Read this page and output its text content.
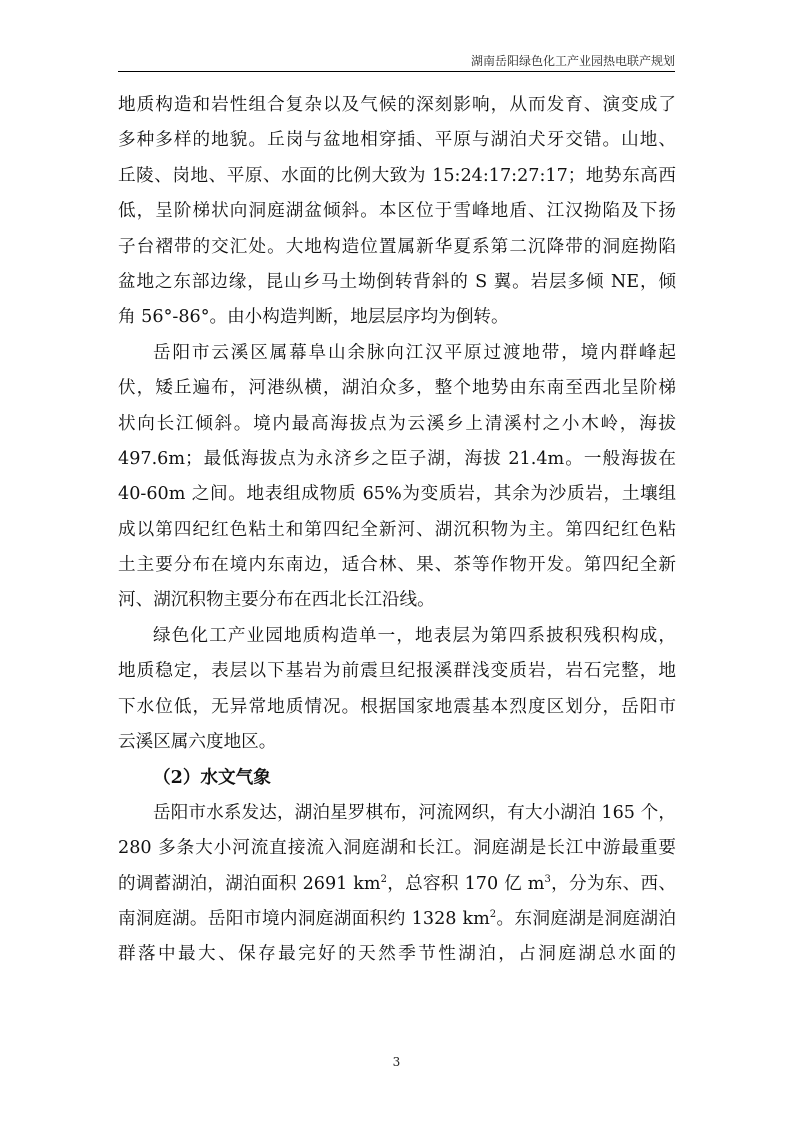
湖南岳阳绿色化工产业园热电联产规划
地质构造和岩性组合复杂以及气候的深刻影响，从而发育、演变成了
多种多样的地貌。丘岗与盆地相穿插、平原与湖泊犬牙交错。山地、
丘陵、岗地、平原、水面的比例大致为 15:24:17:27:17；地势东高西
低，呈阶梯状向洞庭湖盆倾斜。本区位于雪峰地盾、江汉拗陷及下扬
子台褶带的交汇处。大地构造位置属新华夏系第二沉降带的洞庭拗陷
盆地之东部边缘，昆山乡马土坳倒转背斜的 S 翼。岩层多倾 NE，倾
角 56°-86°。由小构造判断，地层层序均为倒转。
岳阳市云溪区属幕阜山余脉向江汉平原过渡地带，境内群峰起
伏，矮丘遍布，河港纵横，湖泊众多，整个地势由东南至西北呈阶梯
状向长江倾斜。境内最高海拔点为云溪乡上清溪村之小木岭，海拔
497.6m；最低海拔点为永济乡之臣子湖，海拔 21.4m。一般海拔在
40-60m 之间。地表组成物质 65%为变质岩，其余为沙质岩，土壤组
成以第四纪红色粘土和第四纪全新河、湖沉积物为主。第四纪红色粘
土主要分布在境内东南边，适合林、果、茶等作物开发。第四纪全新
河、湖沉积物主要分布在西北长江沿线。
绿色化工产业园地质构造单一，地表层为第四系披积残积构成，
地质稳定，表层以下基岩为前震旦纪报溪群浅变质岩，岩石完整，地
下水位低，无异常地质情况。根据国家地震基本烈度区划分，岳阳市
云溪区属六度地区。
（2）水文气象
岳阳市水系发达，湖泊星罗棋布，河流网织，有大小湖泊 165 个，
280 多条大小河流直接流入洞庭湖和长江。洞庭湖是长江中游最重要
的调蓄湖泊，湖泊面积 2691 $km^2$，总容积 170 亿 $m^3$，分为东、西、
南洞庭湖。岳阳市境内洞庭湖面积约 1328 $km^2$。东洞庭湖是洞庭湖泊
群落中最大、保存最完好的天然季节性湖泊，占洞庭湖总水面的
3
